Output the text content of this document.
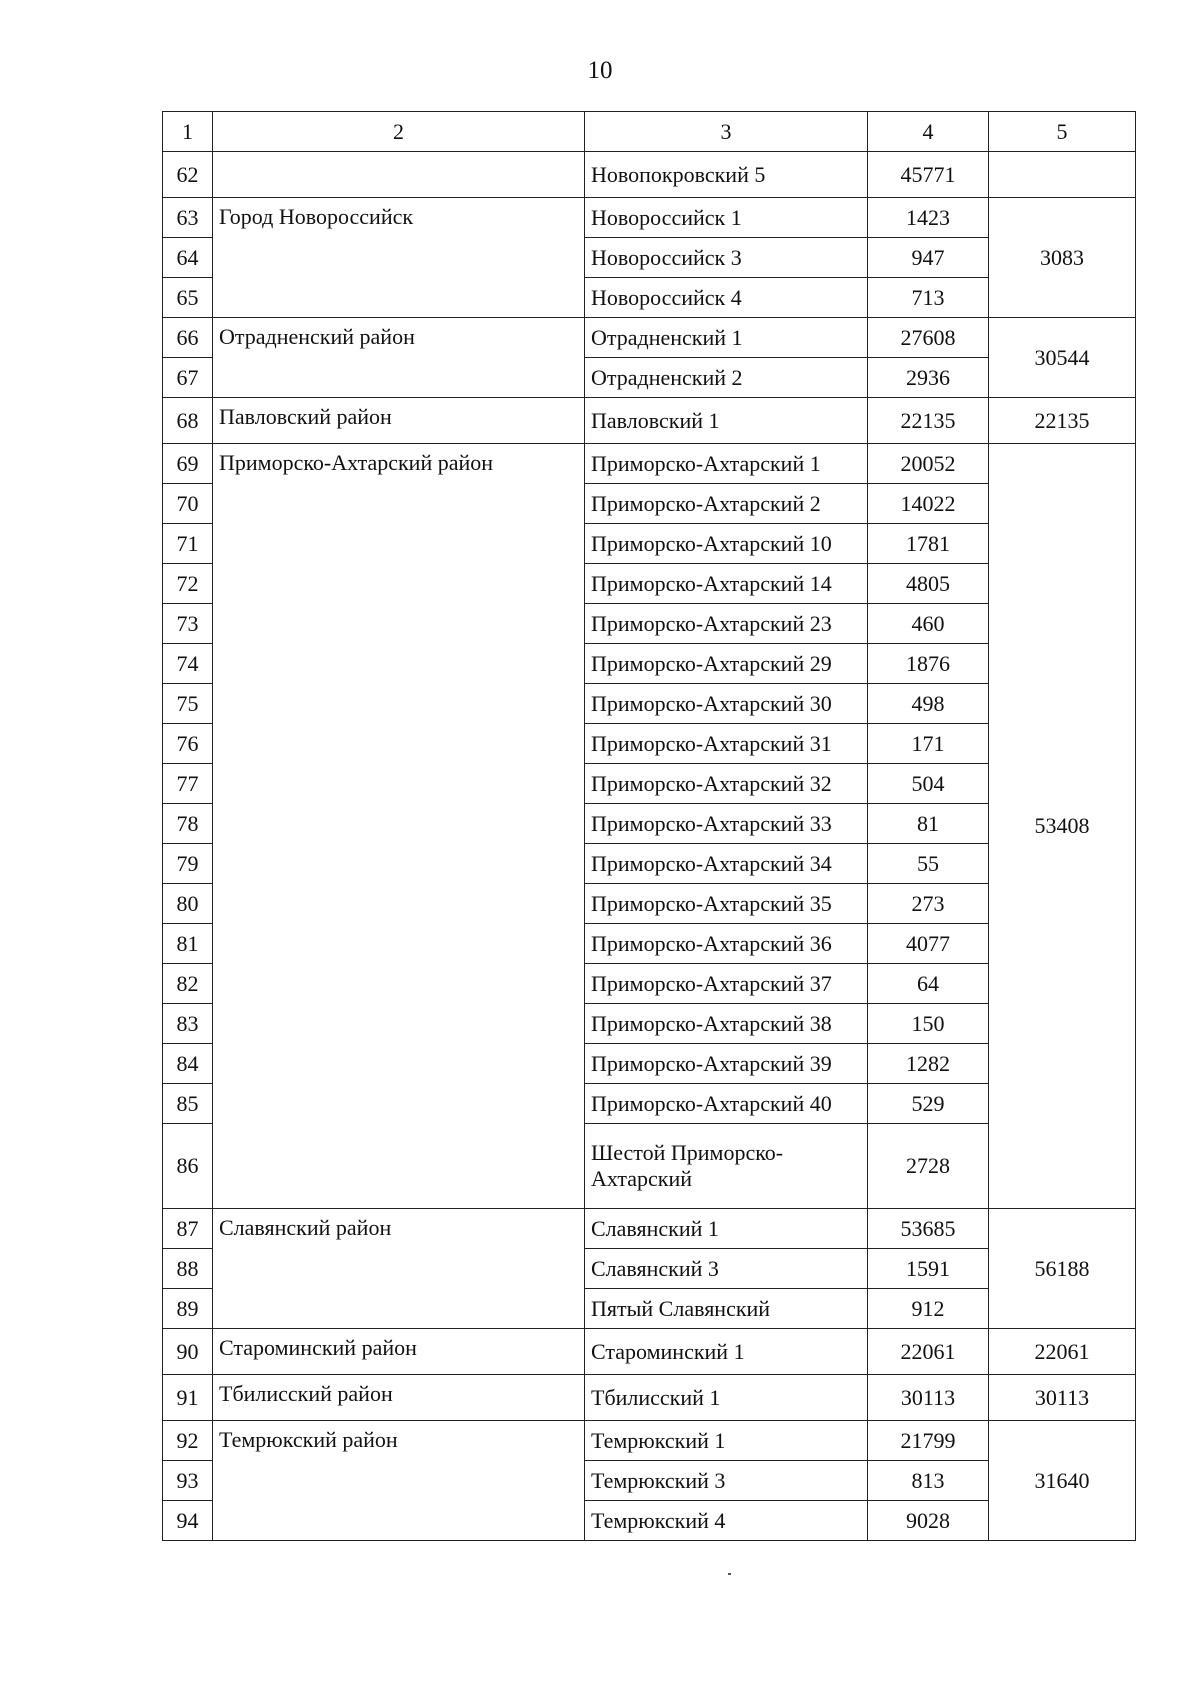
10
1	2	3	4	5
62		Новопокровский 5	45771	
63	Город Новороссийск	Новороссийск 1	1423	3083
64		Новороссийск 3	947	
65		Новороссийск 4	713	
66	Отрадненский район	Отрадненский 1	27608	30544
67		Отрадненский 2	2936	
68	Павловский район	Павловский 1	22135	22135
69	Приморско-Ахтарский район	Приморско-Ахтарский 1	20052	53408
70		Приморско-Ахтарский 2	14022	
71		Приморско-Ахтарский 10	1781	
72		Приморско-Ахтарский 14	4805	
73		Приморско-Ахтарский 23	460	
74		Приморско-Ахтарский 29	1876	
75		Приморско-Ахтарский 30	498	
76		Приморско-Ахтарский 31	171	
77		Приморско-Ахтарский 32	504	
78		Приморско-Ахтарский 33	81	
79		Приморско-Ахтарский 34	55	
80		Приморско-Ахтарский 35	273	
81		Приморско-Ахтарский 36	4077	
82		Приморско-Ахтарский 37	64	
83		Приморско-Ахтарский 38	150	
84		Приморско-Ахтарский 39	1282	
85		Приморско-Ахтарский 40	529	
86		Шестой Приморско-Ахтарский	2728	
87	Славянский район	Славянский 1	53685	56188
88		Славянский 3	1591	
89		Пятый Славянский	912	
90	Староминский район	Староминский 1	22061	22061
91	Тбилисский район	Тбилисский 1	30113	30113
92	Темрюкский район	Темрюкский 1	21799	31640
93		Темрюкский 3	813	
94		Темрюкский 4	9028	
